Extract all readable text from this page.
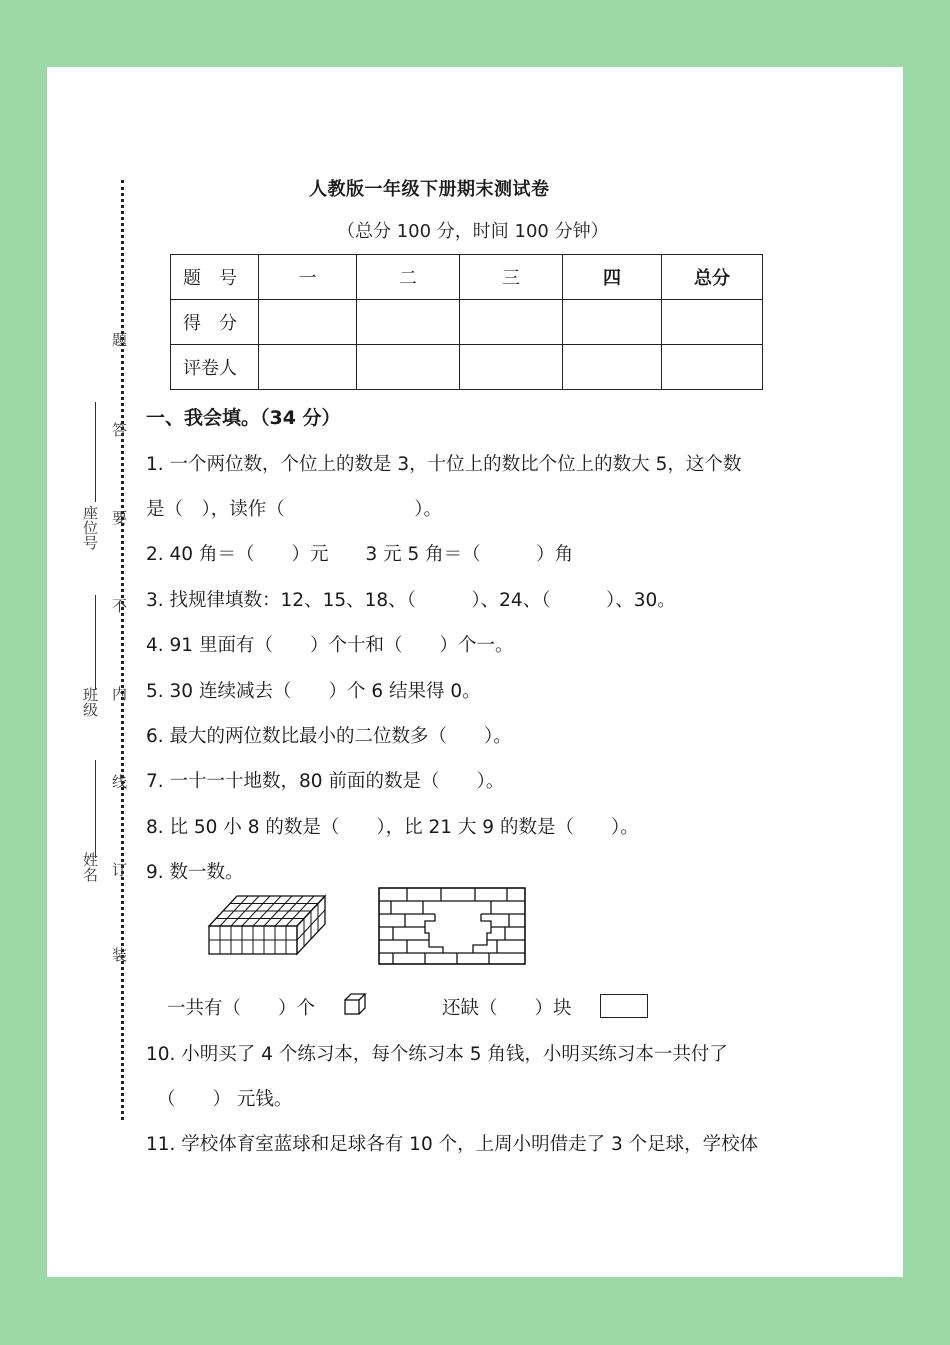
题
答
要
不
内
线
订
装
座位号
班级
姓名
人教版一年级下册期末测试卷
（总分 100 分，时间 100 分钟）
题　号	一	二	三	四	总分
得　分					
评卷人					
一、我会填。（34 分）
1. 一个两位数，个位上的数是 3，十位上的数比个位上的数大 5，这个数
是（　），读作（　　　　　　　）。
2. 40 角＝（　　）元　　3 元 5 角＝（　　　）角
3. 找规律填数：12、15、18、（　　　）、24、（　　　）、30。
4. 91 里面有（　　）个十和（　　）个一。
5. 30 连续减去（　　）个 6 结果得 0。
6. 最大的两位数比最小的二位数多（　　）。
7. 一十一十地数，80 前面的数是（　　）。
8. 比 50 小 8 的数是（　　），比 21 大 9 的数是（　　）。
9. 数一数。
一共有（　　）个	还缺（　　）块
10. 小明买了 4 个练习本，每个练习本 5 角钱，小明买练习本一共付了
（　　） 元钱。
11. 学校体育室蓝球和足球各有 10 个，上周小明借走了 3 个足球，学校体
